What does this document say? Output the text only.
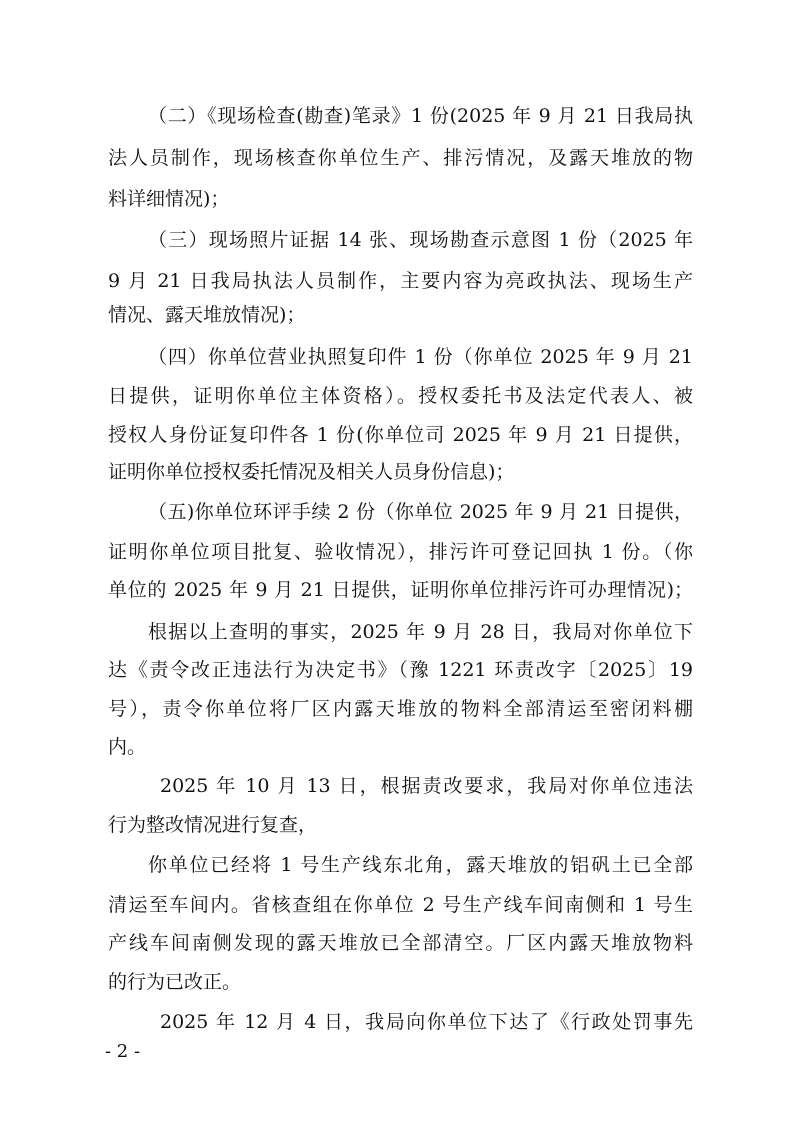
（二）《现场检查(勘查)笔录》1 份(2025 年 9 月 21 日我局执
法人员制作，现场核查你单位生产、排污情况，及露天堆放的物
料详细情况)；
（三）现场照片证据 14 张、现场勘查示意图 1 份（2025 年
9 月 21 日我局执法人员制作，主要内容为亮政执法、现场生产
情况、露天堆放情况)；
（四）你单位营业执照复印件 1 份（你单位 2025 年 9 月 21
日提供，证明你单位主体资格）。授权委托书及法定代表人、被
授权人身份证复印件各 1 份(你单位司 2025 年 9 月 21 日提供，
证明你单位授权委托情况及相关人员身份信息)；
（五)你单位环评手续 2 份（你单位 2025 年 9 月 21 日提供，
证明你单位项目批复、验收情况），排污许可登记回执 1 份。（你
单位的 2025 年 9 月 21 日提供，证明你单位排污许可办理情况)；
根据以上查明的事实，2025 年 9 月 28 日，我局对你单位下
达《责令改正违法行为决定书》（豫 1221 环责改字〔2025〕19
号），责令你单位将厂区内露天堆放的物料全部清运至密闭料棚
内。
2025 年 10 月 13 日，根据责改要求，我局对你单位违法
行为整改情况进行复查，
你单位已经将 1 号生产线东北角，露天堆放的铝矾土已全部
清运至车间内。省核查组在你单位 2 号生产线车间南侧和 1 号生
产线车间南侧发现的露天堆放已全部清空。厂区内露天堆放物料
的行为已改正。
2025 年 12 月 4 日，我局向你单位下达了《行政处罚事先
- 2 -
